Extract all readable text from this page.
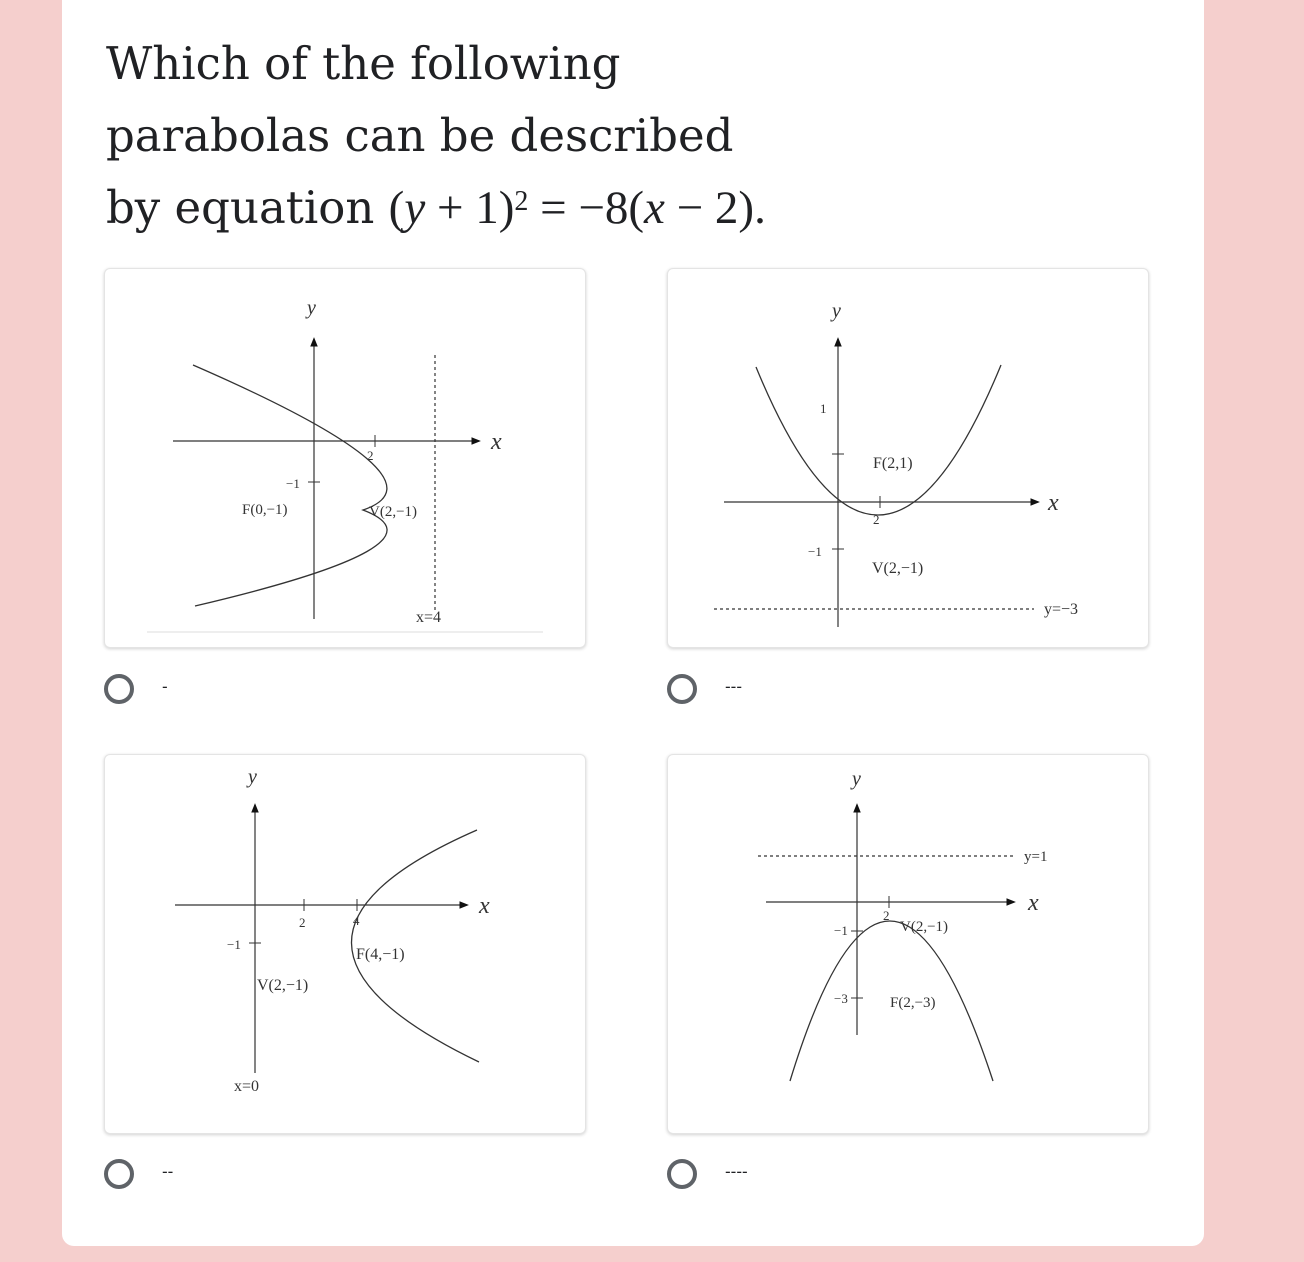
Which of the following
parabolas can be described
by equation $(y + 1)^2 = -8(x - 2)$.
y
x
2
−1
F(0,−1)	V(2,−1)
x=4
-
y
x
1
2
−1
F(2,1)
V(2,−1)
y=−3
---
y
x
2	4
−1
F(4,−1)
V(2,−1)
x=0
--
y
x
2
−1
−3
V(2,−1)
F(2,−3)
y=1
----
